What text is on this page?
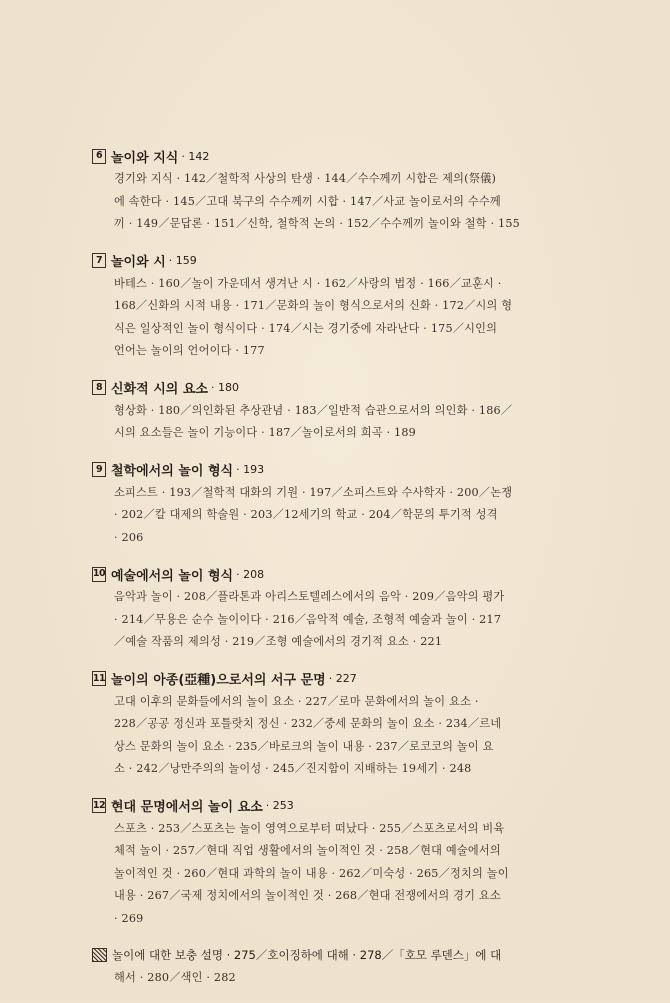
6 놀이와 지식 · 142
경기와 지식 · 142／철학적 사상의 탄생 · 144／수수께끼 시합은 제의(祭儀)
에 속한다 · 145／고대 북구의 수수께끼 시합 · 147／사교 놀이로서의 수수께
끼 · 149／문답론 · 151／신학, 철학적 논의 · 152／수수께끼 놀이와 철학 · 155
7 놀이와 시 · 159
바테스 · 160／놀이 가운데서 생겨난 시 · 162／사랑의 법정 · 166／교훈시 ·
168／신화의 시적 내용 · 171／문화의 놀이 형식으로서의 신화 · 172／시의 형
식은 일상적인 놀이 형식이다 · 174／시는 경기중에 자라난다 · 175／시인의
언어는 놀이의 언어이다 · 177
8 신화적 시의 요소 · 180
형상화 · 180／의인화된 추상관념 · 183／일반적 습관으로서의 의인화 · 186／
시의 요소들은 놀이 기능이다 · 187／놀이로서의 희곡 · 189
9 철학에서의 놀이 형식 · 193
소피스트 · 193／철학적 대화의 기원 · 197／소피스트와 수사학자 · 200／논쟁
· 202／칼 대제의 학술원 · 203／12세기의 학교 · 204／학문의 투기적 성격
· 206
10 예술에서의 놀이 형식 · 208
음악과 놀이 · 208／플라톤과 아리스토텔레스에서의 음악 · 209／음악의 평가
· 214／무용은 순수 놀이이다 · 216／음악적 예술, 조형적 예술과 놀이 · 217
／예술 작품의 제의성 · 219／조형 예술에서의 경기적 요소 · 221
11 놀이의 아종(亞種)으로서의 서구 문명 · 227
고대 이후의 문화들에서의 놀이 요소 · 227／로마 문화에서의 놀이 요소 ·
228／공공 정신과 포틀랏치 정신 · 232／중세 문화의 놀이 요소 · 234／르네
상스 문화의 놀이 요소 · 235／바로크의 놀이 내용 · 237／로코코의 놀이 요
소 · 242／낭만주의의 놀이성 · 245／진지함이 지배하는 19세기 · 248
12 현대 문명에서의 놀이 요소 · 253
스포츠 · 253／스포츠는 놀이 영역으로부터 떠났다 · 255／스포츠로서의 비육
체적 놀이 · 257／현대 직업 생활에서의 놀이적인 것 · 258／현대 예술에서의
놀이적인 것 · 260／현대 과학의 놀이 내용 · 262／미숙성 · 265／정치의 놀이
내용 · 267／국제 정치에서의 놀이적인 것 · 268／현대 전쟁에서의 경기 요소
· 269
놀이에 대한 보충 설명 · 275／호이징하에 대해 · 278／「호모 루덴스」에 대
해서 · 280／색인 · 282
